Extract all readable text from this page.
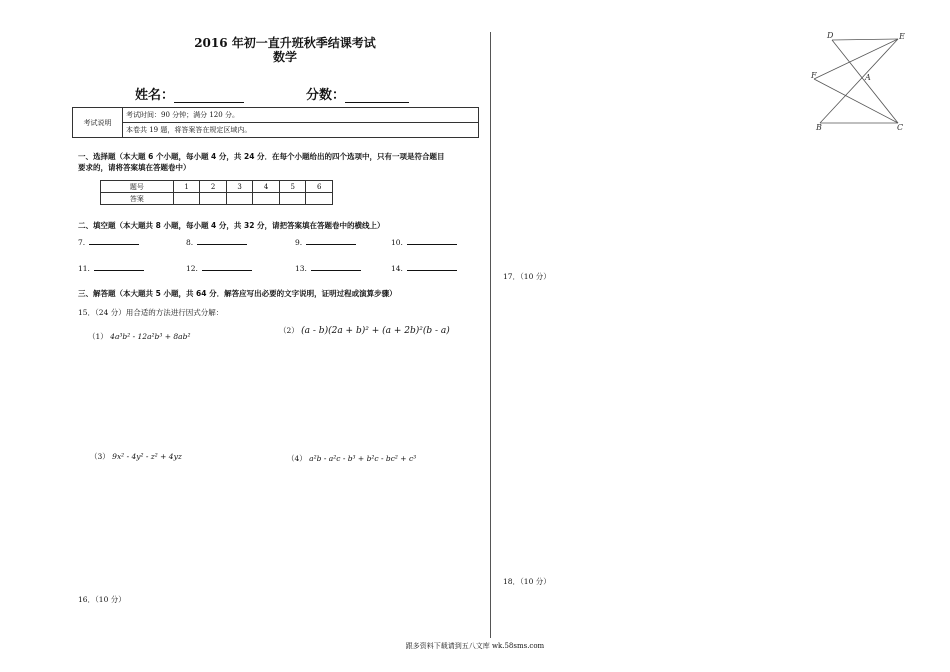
2016 年初一直升班秋季结课考试
数学
姓名：	分数：
考试说明	考试时间：90 分钟；满分 120 分。
本卷共 19 题，将答案答在规定区域内。
一、选择题（本大题 6 个小题，每小题 4 分，共 24 分．在每个小题给出的四个选项中，只有一项是符合题目
要求的，请将答案填在答题卷中）
题号	1	2	3	4	5	6
答案						
二、填空题（本大题共 8 小题，每小题 4 分，共 32 分，请把答案填在答题卷中的横线上）
7.	8.	9.	10.
11.	12.	13.	14.
三、解答题（本大题共 5 小题，共 64 分．解答应写出必要的文字说明，证明过程或演算步骤）
15．（24 分）用合适的方法进行因式分解：
（1） 4a³b² - 12a²b³ + 8ab²
（2） (a - b)(2a + b)² + (a + 2b)²(b - a)
（3） 9x² - 4y² - z² + 4yz	（4） a²b - a²c - b³ + b²c - bc² + c³
16．（10 分）
17．（10 分）
18．（10 分）
D	E
F	A
B	C
跟多资料下载请到五八文库 wk.58sms.com
